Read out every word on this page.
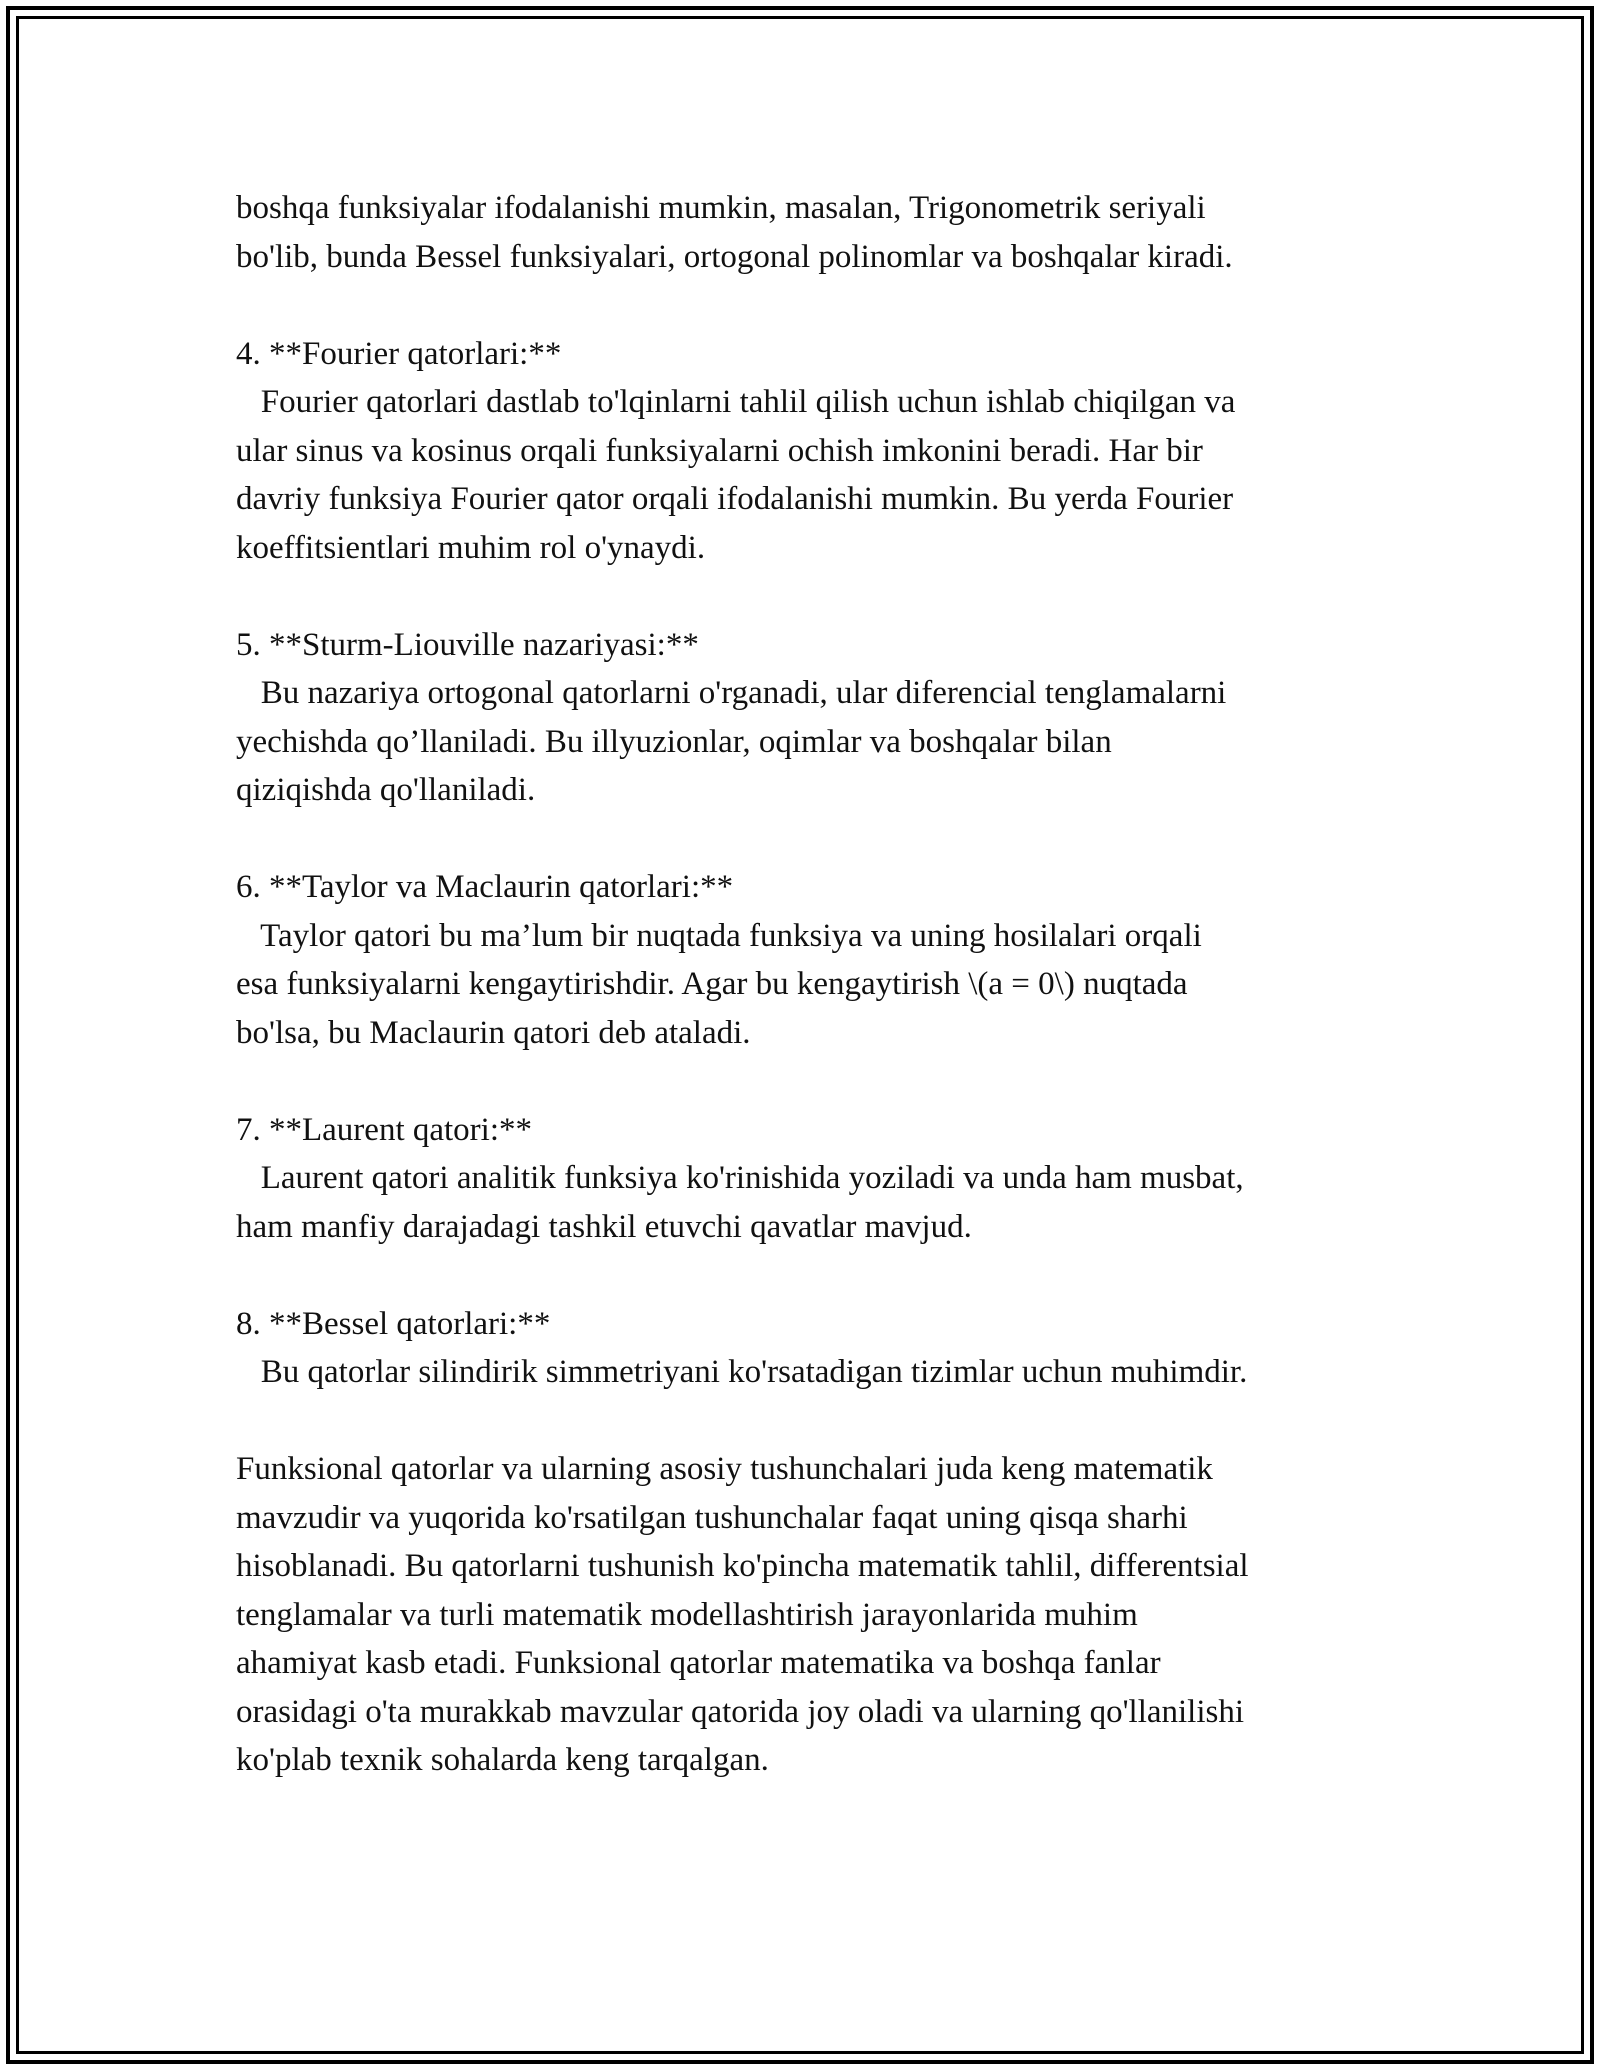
boshqa funksiyalar ifodalanishi mumkin, masalan, Trigonometrik seriyali
bo'lib, bunda Bessel funksiyalari, ortogonal polinomlar va boshqalar kiradi.
4. **Fourier qatorlari:**
Fourier qatorlari dastlab to'lqinlarni tahlil qilish uchun ishlab chiqilgan va
ular sinus va kosinus orqali funksiyalarni ochish imkonini beradi. Har bir
davriy funksiya Fourier qator orqali ifodalanishi mumkin. Bu yerda Fourier
koeffitsientlari muhim rol o'ynaydi.
5. **Sturm-Liouville nazariyasi:**
Bu nazariya ortogonal qatorlarni o'rganadi, ular diferencial tenglamalarni
yechishda qo’llaniladi. Bu illyuzionlar, oqimlar va boshqalar bilan
qiziqishda qo'llaniladi.
6. **Taylor va Maclaurin qatorlari:**
Taylor qatori bu ma’lum bir nuqtada funksiya va uning hosilalari orqali
esa funksiyalarni kengaytirishdir. Agar bu kengaytirish \(a = 0\) nuqtada
bo'lsa, bu Maclaurin qatori deb ataladi.
7. **Laurent qatori:**
Laurent qatori analitik funksiya ko'rinishida yoziladi va unda ham musbat,
ham manfiy darajadagi tashkil etuvchi qavatlar mavjud.
8. **Bessel qatorlari:**
Bu qatorlar silindirik simmetriyani ko'rsatadigan tizimlar uchun muhimdir.
Funksional qatorlar va ularning asosiy tushunchalari juda keng matematik
mavzudir va yuqorida ko'rsatilgan tushunchalar faqat uning qisqa sharhi
hisoblanadi. Bu qatorlarni tushunish ko'pincha matematik tahlil, differentsial
tenglamalar va turli matematik modellashtirish jarayonlarida muhim
ahamiyat kasb etadi. Funksional qatorlar matematika va boshqa fanlar
orasidagi o'ta murakkab mavzular qatorida joy oladi va ularning qo'llanilishi
ko'plab texnik sohalarda keng tarqalgan.
